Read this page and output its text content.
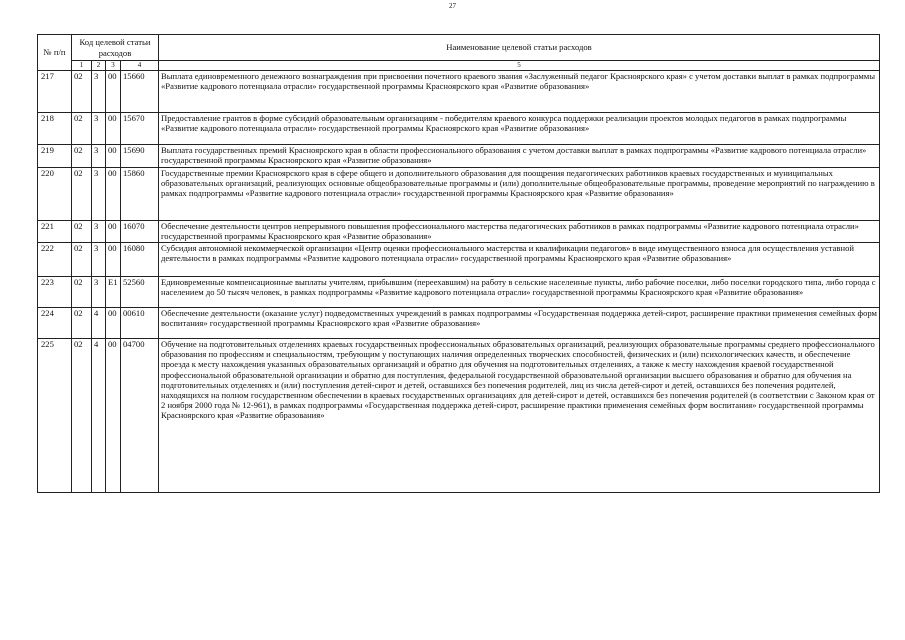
27
№ п/п	Код целевой статьи расходов				Наименование целевой статьи расходов
	1	2	3	4	5
217	02	3	00	15660	Выплата единовременного денежного вознаграждения при присвоении почетного краевого звания «Заслуженный педагог Красноярского края» с учетом доставки выплат в рамках подпрограммы «Развитие кадрового потенциала отрасли» государственной программы Красноярского края «Развитие образования»
218	02	3	00	15670	Предоставление грантов в форме субсидий образовательным организациям - победителям краевого конкурса поддержки реализации проектов молодых педагогов в рамках подпрограммы «Развитие кадрового потенциала отрасли» государственной программы Красноярского края «Развитие образования»
219	02	3	00	15690	Выплата государственных премий Красноярского края в области профессионального образования с учетом доставки выплат в рамках подпрограммы «Развитие кадрового потенциала отрасли» государственной программы Красноярского края «Развитие образования»
220	02	3	00	15860	Государственные премии Красноярского края в сфере общего и дополнительного образования для поощрения педагогических работников краевых государственных и муниципальных образовательных организаций, реализующих основные общеобразовательные программы и (или) дополнительные общеобразовательные программы, проведение мероприятий по награждению в рамках подпрограммы «Развитие кадрового потенциала отрасли» государственной программы Красноярского края «Развитие образования»
221	02	3	00	16070	Обеспечение деятельности центров непрерывного повышения профессионального мастерства педагогических работников в рамках подпрограммы «Развитие кадрового потенциала отрасли» государственной программы Красноярского края «Развитие образования»
222	02	3	00	16080	Субсидия автономной некоммерческой организации «Центр оценки профессионального мастерства и квалификации педагогов» в виде имущественного взноса для осуществления уставной деятельности в рамках подпрограммы «Развитие кадрового потенциала отрасли» государственной программы Красноярского края «Развитие образования»
223	02	3	E1	52560	Единовременные компенсационные выплаты учителям, прибывшим (переехавшим) на работу в сельские населенные пункты, либо рабочие поселки, либо поселки городского типа, либо города с населением до 50 тысяч человек, в рамках подпрограммы «Развитие кадрового потенциала отрасли» государственной программы Красноярского края «Развитие образования»
224	02	4	00	00610	Обеспечение деятельности (оказание услуг) подведомственных учреждений в рамках подпрограммы «Государственная поддержка детей-сирот, расширение практики применения семейных форм воспитания» государственной программы Красноярского края «Развитие образования»
225	02	4	00	04700	Обучение на подготовительных отделениях краевых государственных профессиональных образовательных организаций, реализующих образовательные программы среднего профессионального образования по профессиям и специальностям, требующим у поступающих наличия определенных творческих способностей, физических и (или) психологических качеств, и обеспечение проезда к месту нахождения указанных образовательных организаций и обратно для обучения на подготовительных отделениях, а также к месту нахождения краевой государственной профессиональной образовательной организации и обратно для поступления, федеральной государственной образовательной организации высшего образования и обратно для обучения на подготовительных отделениях и (или) поступления детей-сирот и детей, оставшихся без попечения родителей, лиц из числа детей-сирот и детей, оставшихся без попечения родителей, находящихся на полном государственном обеспечении в краевых государственных организациях для детей-сирот и детей, оставшихся без попечения родителей (в соответствии с Законом края от 2 ноября 2000 года № 12-961), в рамках подпрограммы «Государственная поддержка детей-сирот, расширение практики применения семейных форм воспитания» государственной программы Красноярского края «Развитие образования»
